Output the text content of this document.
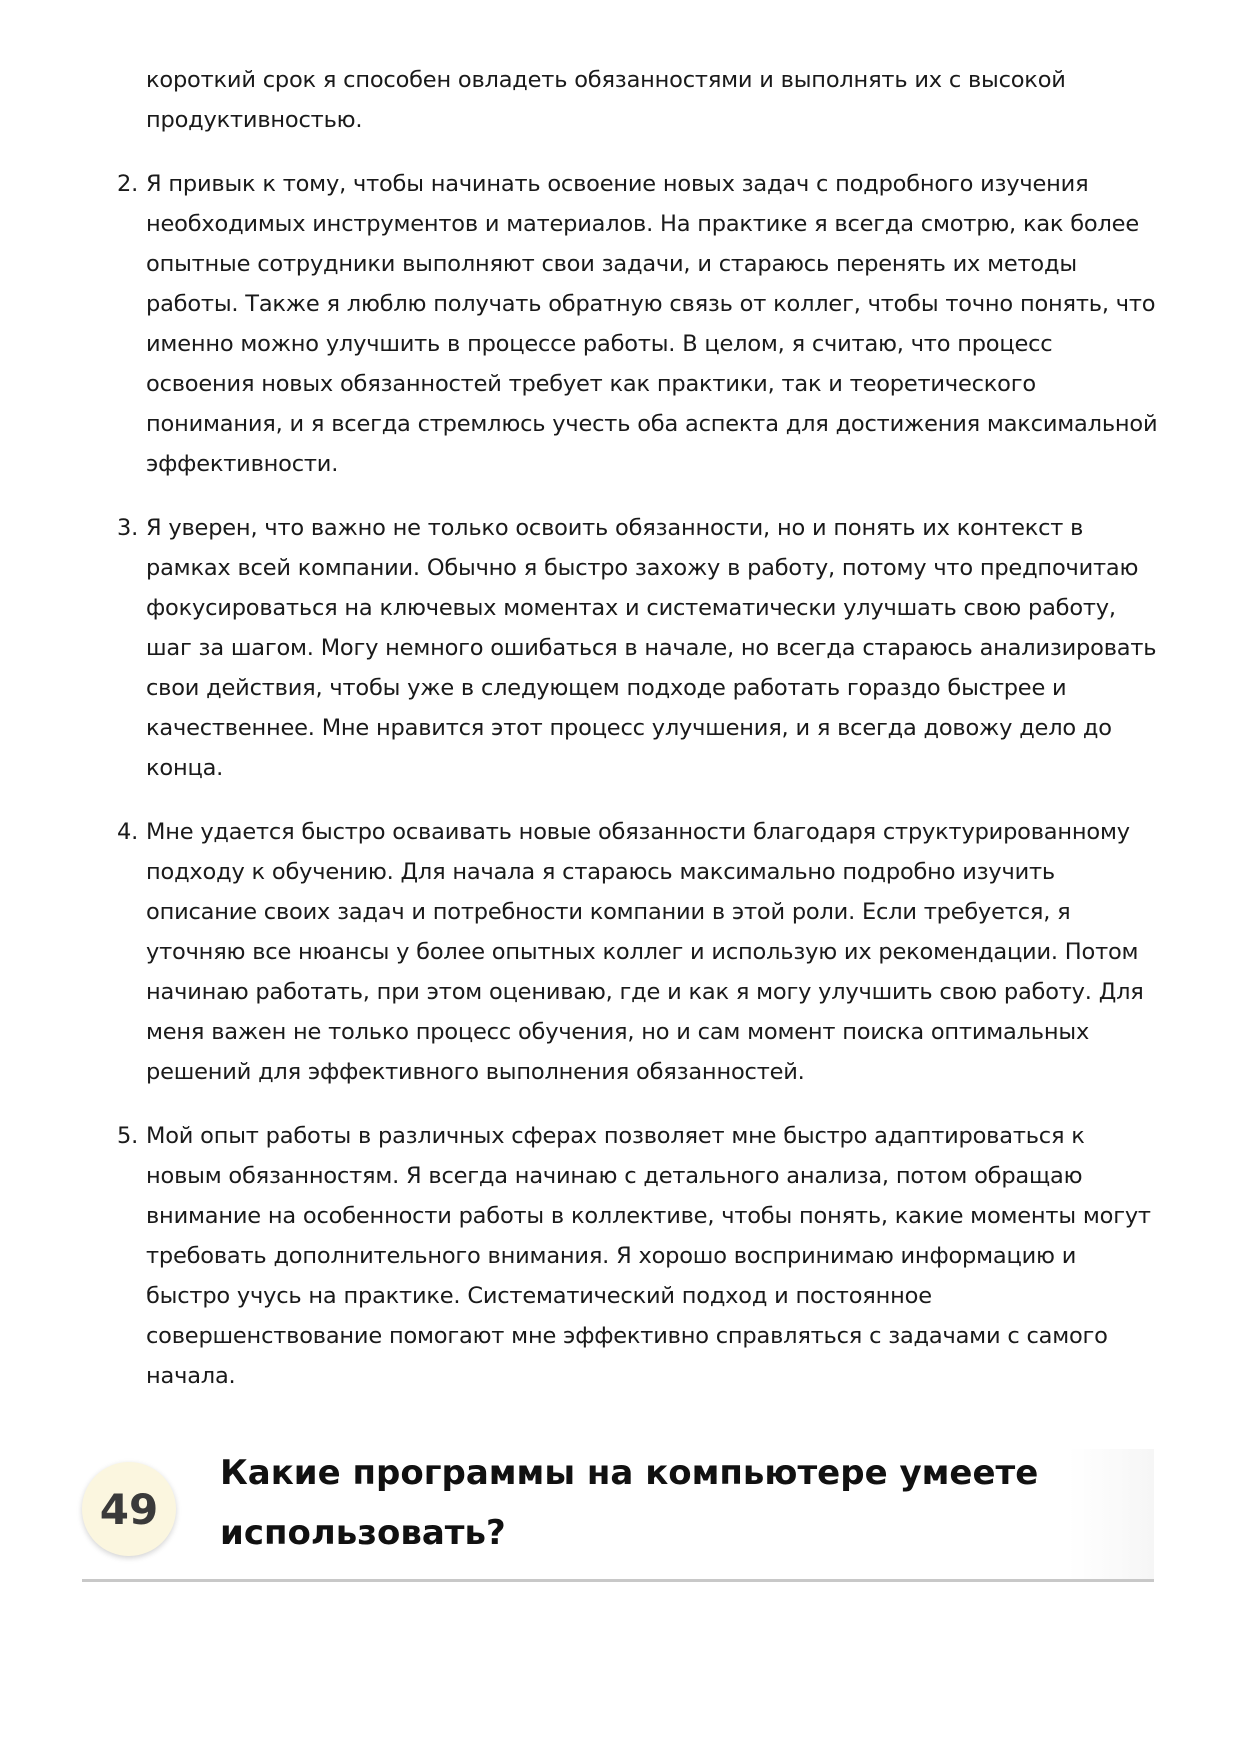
короткий срок я способен овладеть обязанностями и выполнять их с высокой продуктивностью.

2. Я привык к тому, чтобы начинать освоение новых задач с подробного изучения необходимых инструментов и материалов. На практике я всегда смотрю, как более опытные сотрудники выполняют свои задачи, и стараюсь перенять их методы работы. Также я люблю получать обратную связь от коллег, чтобы точно понять, что именно можно улучшить в процессе работы. В целом, я считаю, что процесс освоения новых обязанностей требует как практики, так и теоретического понимания, и я всегда стремлюсь учесть оба аспекта для достижения максимальной эффективности.

3. Я уверен, что важно не только освоить обязанности, но и понять их контекст в рамках всей компании. Обычно я быстро захожу в работу, потому что предпочитаю фокусироваться на ключевых моментах и систематически улучшать свою работу, шаг за шагом. Могу немного ошибаться в начале, но всегда стараюсь анализировать свои действия, чтобы уже в следующем подходе работать гораздо быстрее и качественнее. Мне нравится этот процесс улучшения, и я всегда довожу дело до конца.

4. Мне удается быстро осваивать новые обязанности благодаря структурированному подходу к обучению. Для начала я стараюсь максимально подробно изучить описание своих задач и потребности компании в этой роли. Если требуется, я уточняю все нюансы у более опытных коллег и использую их рекомендации. Потом начинаю работать, при этом оцениваю, где и как я могу улучшить свою работу. Для меня важен не только процесс обучения, но и сам момент поиска оптимальных решений для эффективного выполнения обязанностей.

5. Мой опыт работы в различных сферах позволяет мне быстро адаптироваться к новым обязанностям. Я всегда начинаю с детального анализа, потом обращаю внимание на особенности работы в коллективе, чтобы понять, какие моменты могут требовать дополнительного внимания. Я хорошо воспринимаю информацию и быстро учусь на практике. Систематический подход и постоянное совершенствование помогают мне эффективно справляться с задачами с самого начала.

49
Какие программы на компьютере умеете использовать?
